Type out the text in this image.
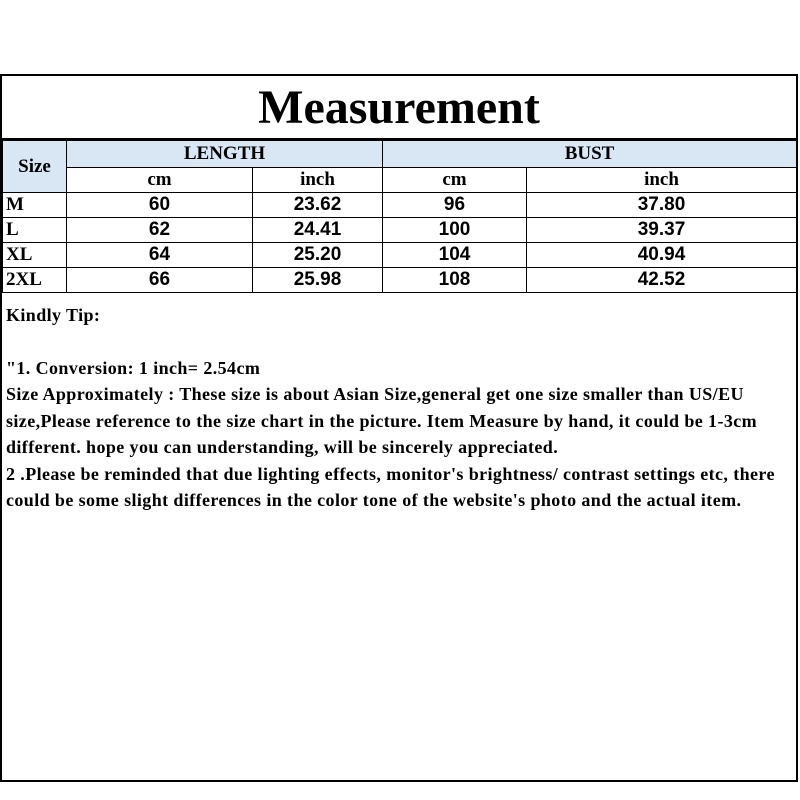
Measurement
Size	LENGTH		BUST	
	cm	inch	cm	inch
M	60	23.62	96	37.80
L	62	24.41	100	39.37
XL	64	25.20	104	40.94
2XL	66	25.98	108	42.52

Kindly Tip:

"1. Conversion: 1 inch= 2.54cm

Size Approximately : These size is about Asian Size,general get one size smaller than US/EU size,Please reference to the size chart in the picture. Item Measure by hand, it could be 1-3cm different. hope you can understanding, will be sincerely appreciated.

2 .Please be reminded that due lighting effects, monitor's brightness/ contrast settings etc, there could be some slight differences in the color tone of the website's photo and the actual item.
